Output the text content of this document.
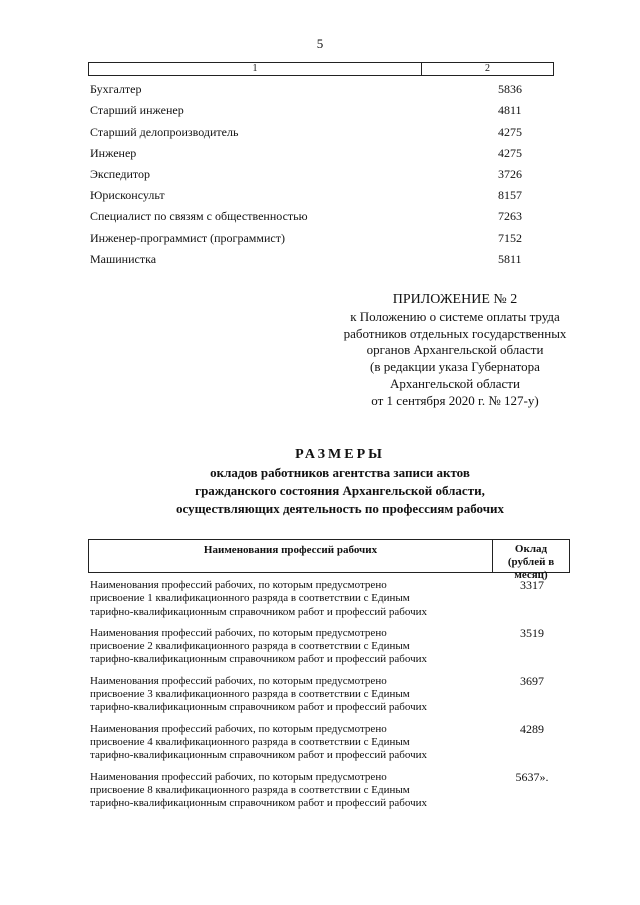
5
1	2
Бухгалтер	5836
Старший инженер	4811
Старший делопроизводитель	4275
Инженер	4275
Экспедитор	3726
Юрисконсульт	8157
Специалист по связям с общественностью	7263
Инженер-программист (программист)	7152
Машинистка	5811
ПРИЛОЖЕНИЕ № 2
к Положению о системе оплаты труда
работников отдельных государственных
органов Архангельской области
(в редакции указа Губернатора
Архангельской области
от 1 сентября 2020 г. № 127-у)
РАЗМЕРЫ
окладов работников агентства записи актов
гражданского состояния Архангельской области,
осуществляющих деятельность по профессиям рабочих
Наименования профессий рабочих	Оклад
(рублей в месяц)
Наименования профессий рабочих, по которым предусмотрено
присвоение 1 квалификационного разряда в соответствии с Единым
тарифно-квалификационным справочником работ и профессий рабочих
3317
Наименования профессий рабочих, по которым предусмотрено
присвоение 2 квалификационного разряда в соответствии с Единым
тарифно-квалификационным справочником работ и профессий рабочих
3519
Наименования профессий рабочих, по которым предусмотрено
присвоение 3 квалификационного разряда в соответствии с Единым
тарифно-квалификационным справочником работ и профессий рабочих
3697
Наименования профессий рабочих, по которым предусмотрено
присвоение 4 квалификационного разряда в соответствии с Единым
тарифно-квалификационным справочником работ и профессий рабочих
4289
Наименования профессий рабочих, по которым предусмотрено
присвоение 8 квалификационного разряда в соответствии с Единым
тарифно-квалификационным справочником работ и профессий рабочих
5637».
